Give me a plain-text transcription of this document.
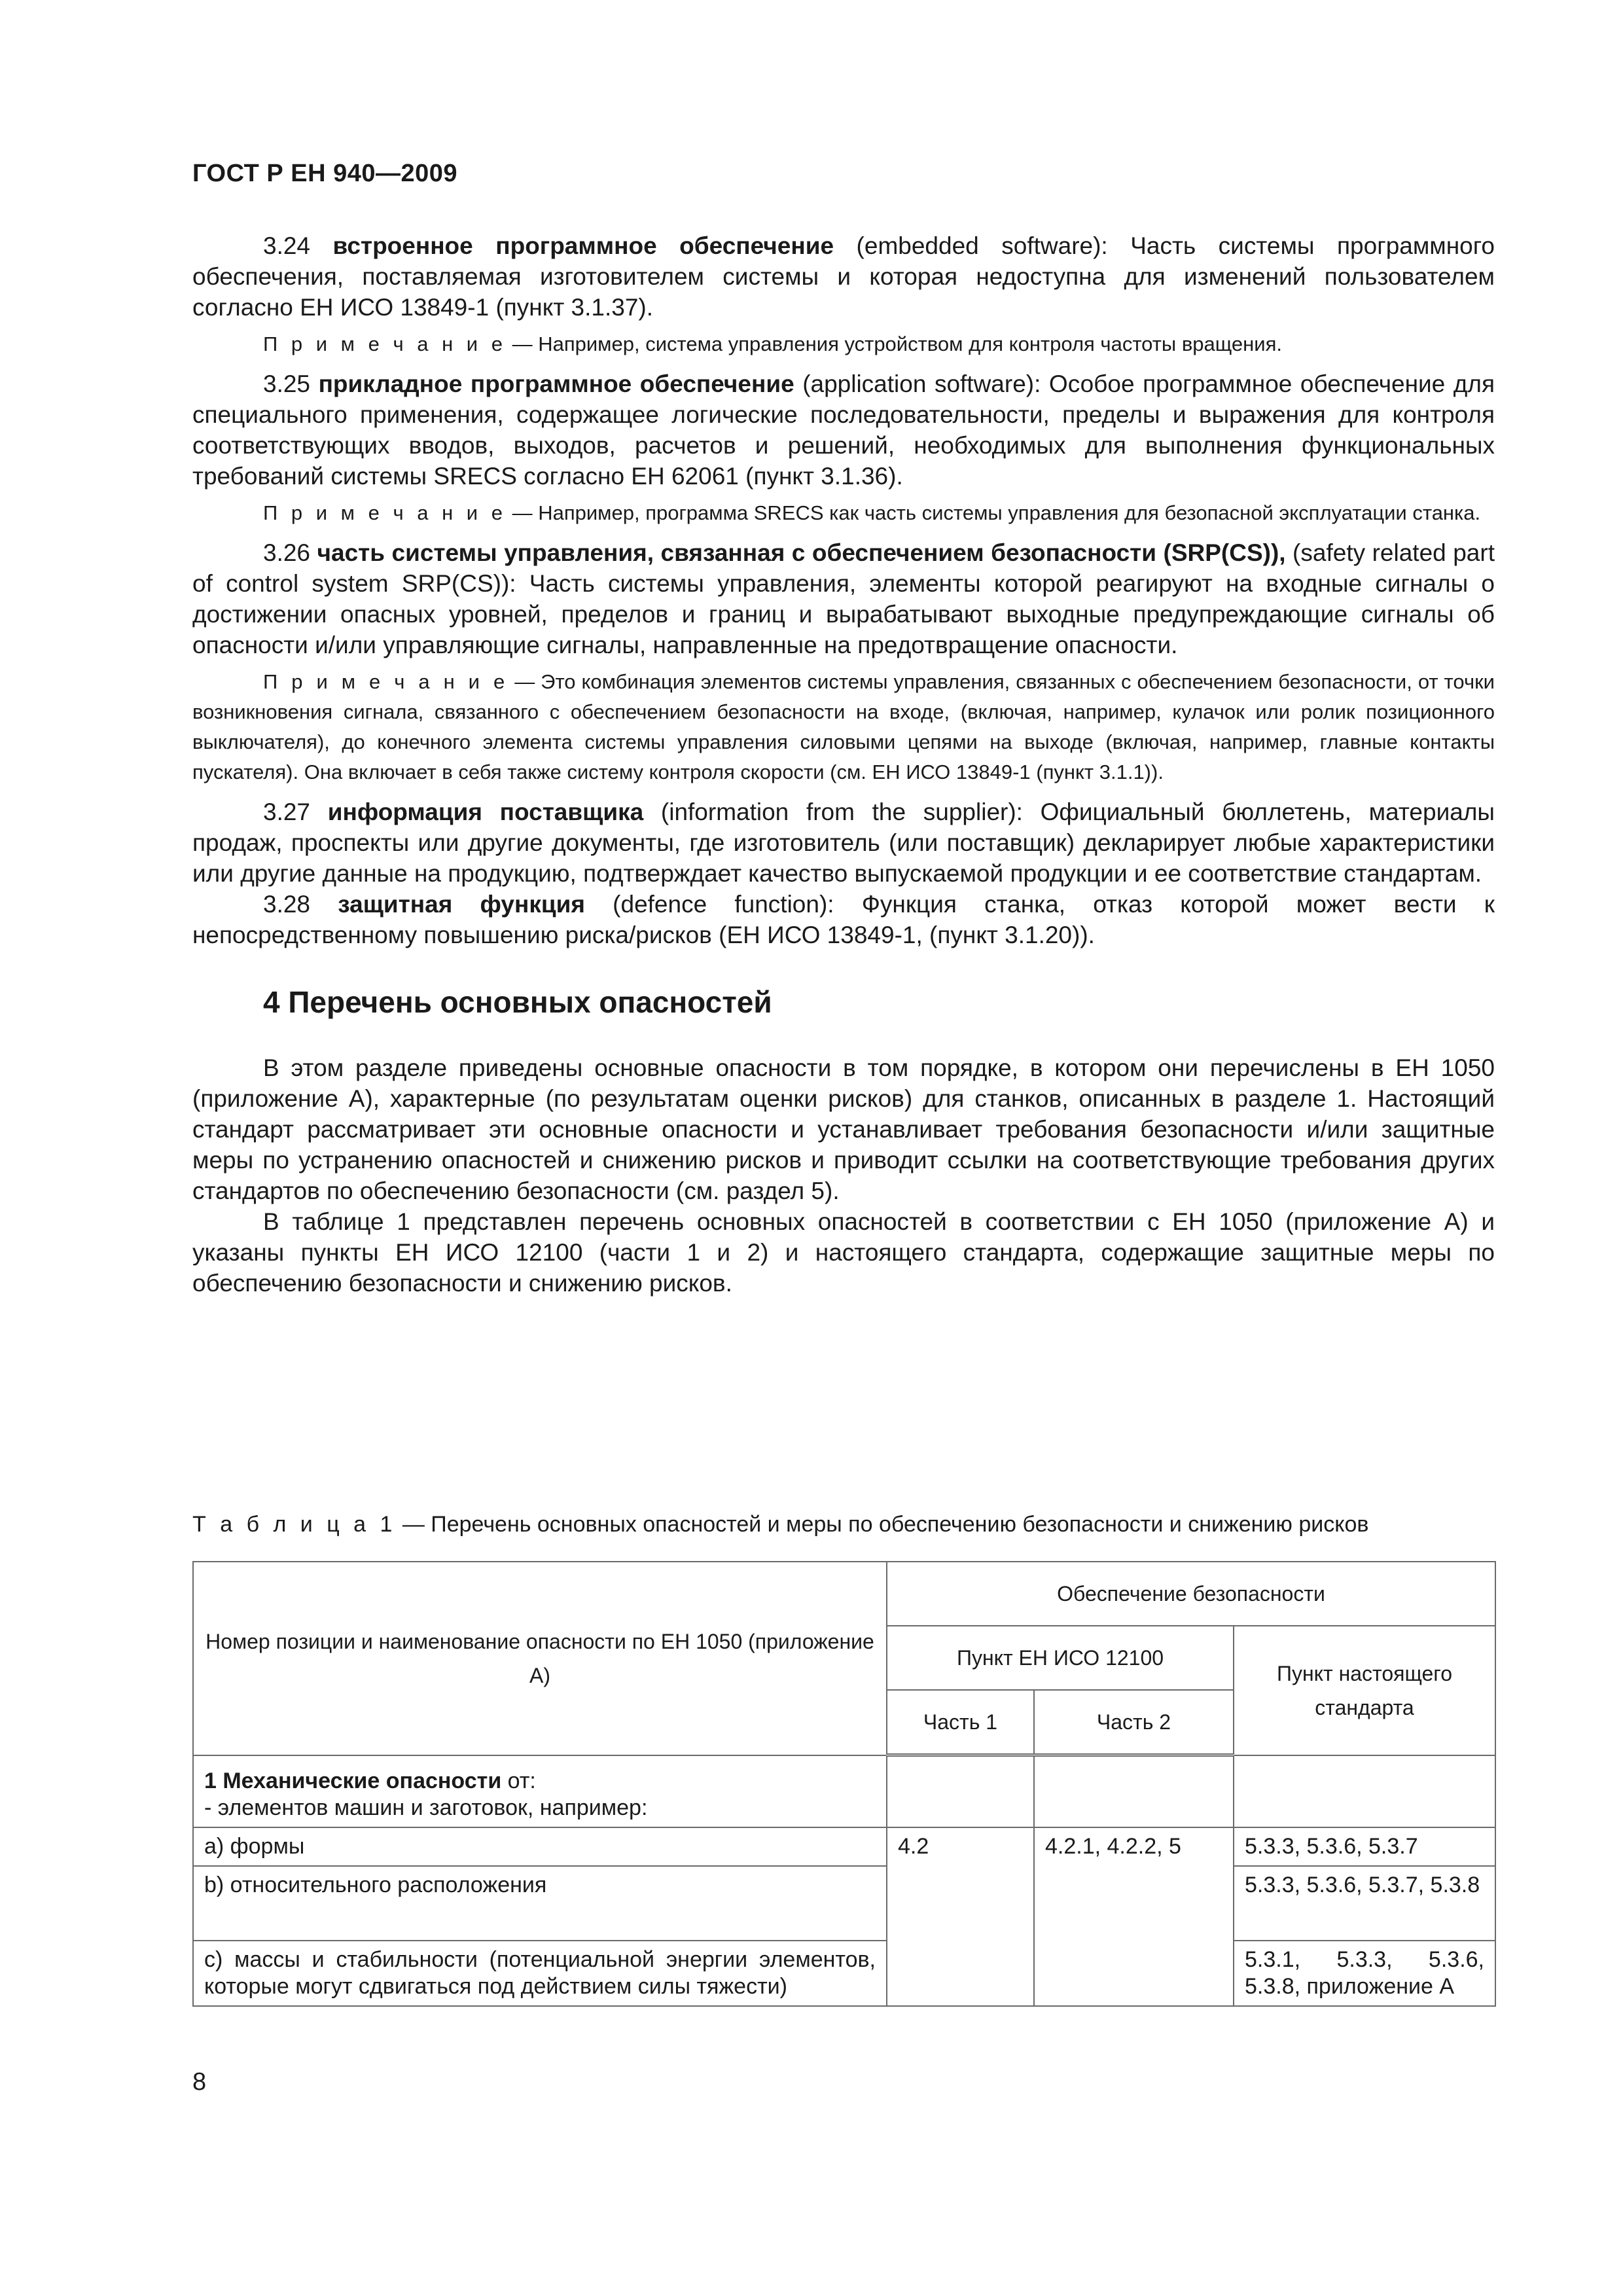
ГОСТ Р ЕН 940—2009

3.24 встроенное программное обеспечение (embedded software): Часть системы программного обеспечения, поставляемая изготовителем системы и которая недоступна для изменений пользователем согласно ЕН ИСО 13849-1 (пункт 3.1.37).

П р и м е ч а н и е — Например, система управления устройством для контроля частоты вращения.

3.25 прикладное программное обеспечение (application software): Особое программное обеспечение для специального применения, содержащее логические последовательности, пределы и выражения для контроля соответствующих вводов, выходов, расчетов и решений, необходимых для выполнения функциональных требований системы SRECS согласно ЕН 62061 (пункт 3.1.36).

П р и м е ч а н и е — Например, программа SRECS как часть системы управления для безопасной эксплуатации станка.

3.26 часть системы управления, связанная с обеспечением безопасности (SRP(CS)), (safety related part of control system SRP(CS)): Часть системы управления, элементы которой реагируют на входные сигналы о достижении опасных уровней, пределов и границ и вырабатывают выходные предупреждающие сигналы об опасности и/или управляющие сигналы, направленные на предотвращение опасности.

П р и м е ч а н и е — Это комбинация элементов системы управления, связанных с обеспечением безопасности, от точки возникновения сигнала, связанного с обеспечением безопасности на входе, (включая, например, кулачок или ролик позиционного выключателя), до конечного элемента системы управления силовыми цепями на выходе (включая, например, главные контакты пускателя). Она включает в себя также систему контроля скорости (см. ЕН ИСО 13849-1 (пункт 3.1.1)).

3.27 информация поставщика (information from the supplier): Официальный бюллетень, материалы продаж, проспекты или другие документы, где изготовитель (или поставщик) декларирует любые характеристики или другие данные на продукцию, подтверждает качество выпускаемой продукции и ее соответствие стандартам.

3.28 защитная функция (defence function): Функция станка, отказ которой может вести к непосредственному повышению риска/рисков (ЕН ИСО 13849-1, (пункт 3.1.20)).

4 Перечень основных опасностей

В этом разделе приведены основные опасности в том порядке, в котором они перечислены в ЕН 1050 (приложение А), характерные (по результатам оценки рисков) для станков, описанных в разделе 1. Настоящий стандарт рассматривает эти основные опасности и устанавливает требования безопасности и/или защитные меры по устранению опасностей и снижению рисков и приводит ссылки на соответствующие требования других стандартов по обеспечению безопасности (см. раздел 5).

В таблице 1 представлен перечень основных опасностей в соответствии с ЕН 1050 (приложение А) и указаны пункты ЕН ИСО 12100 (части 1 и 2) и настоящего стандарта, содержащие защитные меры по обеспечению безопасности и снижению рисков.

Т а б л и ц а 1 — Перечень основных опасностей и меры по обеспечению безопасности и снижению рисков
Номер позиции и наименование опасности по ЕН 1050 (приложение А)	Обеспечение безопасности		
	Пункт ЕН ИСО 12100		Пункт настоящего стандарта
	Часть 1	Часть 2	
1 Механические опасности от:
- элементов машин и заготовок, например:			
а) формы	4.2	4.2.1, 4.2.2, 5	5.3.3, 5.3.6, 5.3.7
b) относительного расположения			5.3.3, 5.3.6, 5.3.7, 5.3.8
с) массы и стабильности (потенциальной энергии элементов, которые могут сдвигаться под действием силы тяжести)			5.3.1, 5.3.3, 5.3.6, 5.3.8, приложение А
8
